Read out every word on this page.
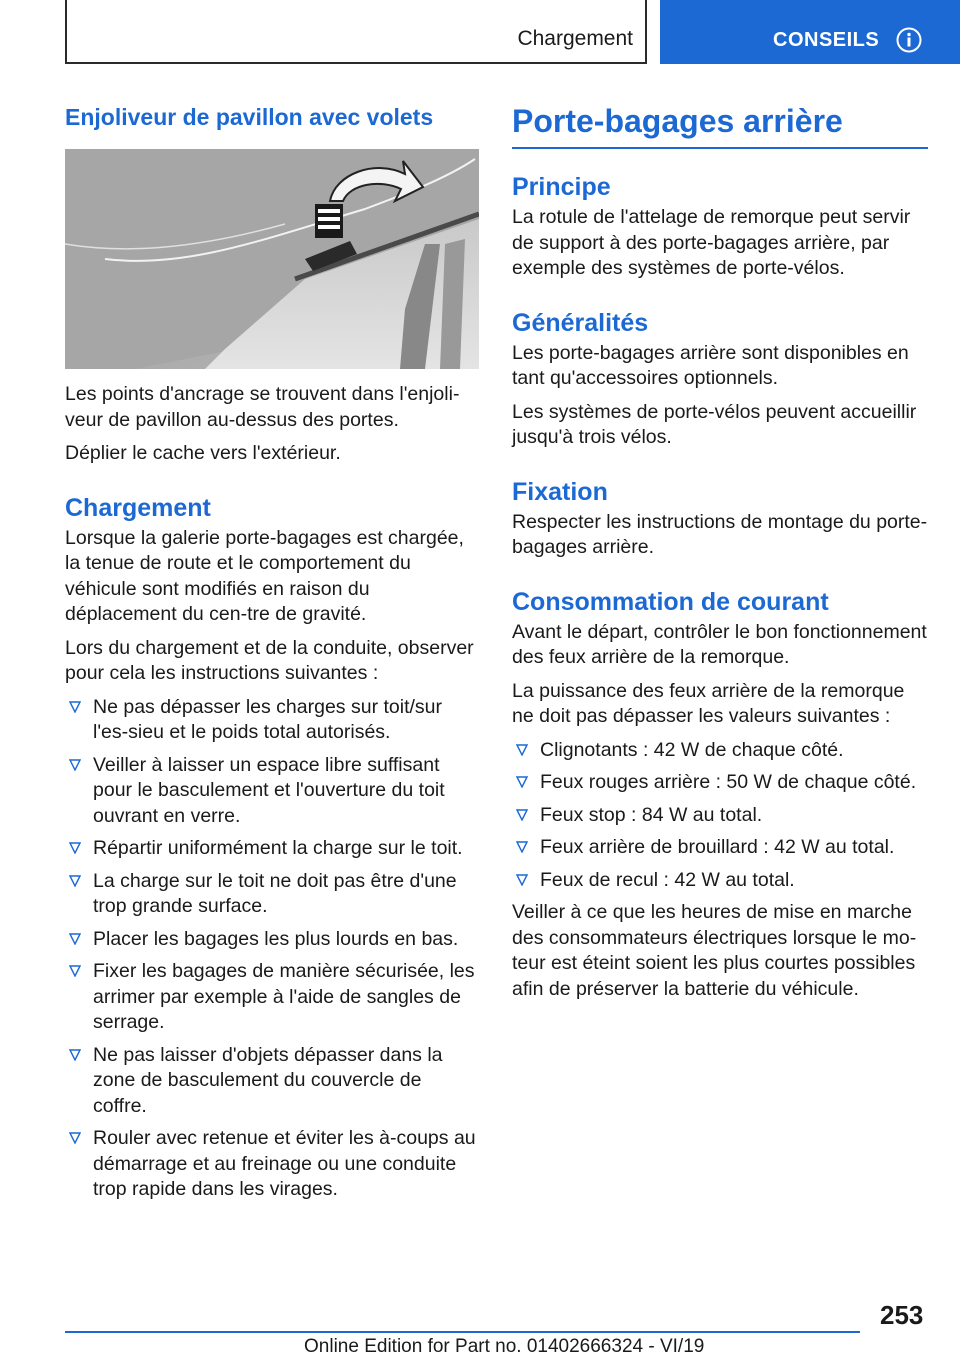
Chargement	CONSEILS
Enjoliveur de pavillon avec volets

Les points d'ancrage se trouvent dans l'enjoli-veur de pavillon au-dessus des portes.

Déplier le cache vers l'extérieur.

Chargement

Lorsque la galerie porte-bagages est chargée, la tenue de route et le comportement du véhicule sont modifiés en raison du déplacement du cen-tre de gravité.

Lors du chargement et de la conduite, observer pour cela les instructions suivantes :

Ne pas dépasser les charges sur toit/sur l'es-sieu et le poids total autorisés.
Veiller à laisser un espace libre suffisant pour le basculement et l'ouverture du toit ouvrant en verre.
Répartir uniformément la charge sur le toit.
La charge sur le toit ne doit pas être d'une trop grande surface.
Placer les bagages les plus lourds en bas.
Fixer les bagages de manière sécurisée, les arrimer par exemple à l'aide de sangles de serrage.
Ne pas laisser d'objets dépasser dans la zone de basculement du couvercle de coffre.
Rouler avec retenue et éviter les à-coups au démarrage et au freinage ou une conduite trop rapide dans les virages.
Porte-bagages arrière
Principe

La rotule de l'attelage de remorque peut servir de support à des porte-bagages arrière, par exemple des systèmes de porte-vélos.

Généralités

Les porte-bagages arrière sont disponibles en tant qu'accessoires optionnels.

Les systèmes de porte-vélos peuvent accueillir jusqu'à trois vélos.

Fixation

Respecter les instructions de montage du porte-bagages arrière.

Consommation de courant

Avant le départ, contrôler le bon fonctionnement des feux arrière de la remorque.

La puissance des feux arrière de la remorque ne doit pas dépasser les valeurs suivantes :

Clignotants : 42 W de chaque côté.
Feux rouges arrière : 50 W de chaque côté.
Feux stop : 84 W au total.
Feux arrière de brouillard : 42 W au total.
Feux de recul : 42 W au total.

Veiller à ce que les heures de mise en marche des consommateurs électriques lorsque le mo-teur est éteint soient les plus courtes possibles afin de préserver la batterie du véhicule.

253
Online Edition for Part no. 01402666324 - VI/19
